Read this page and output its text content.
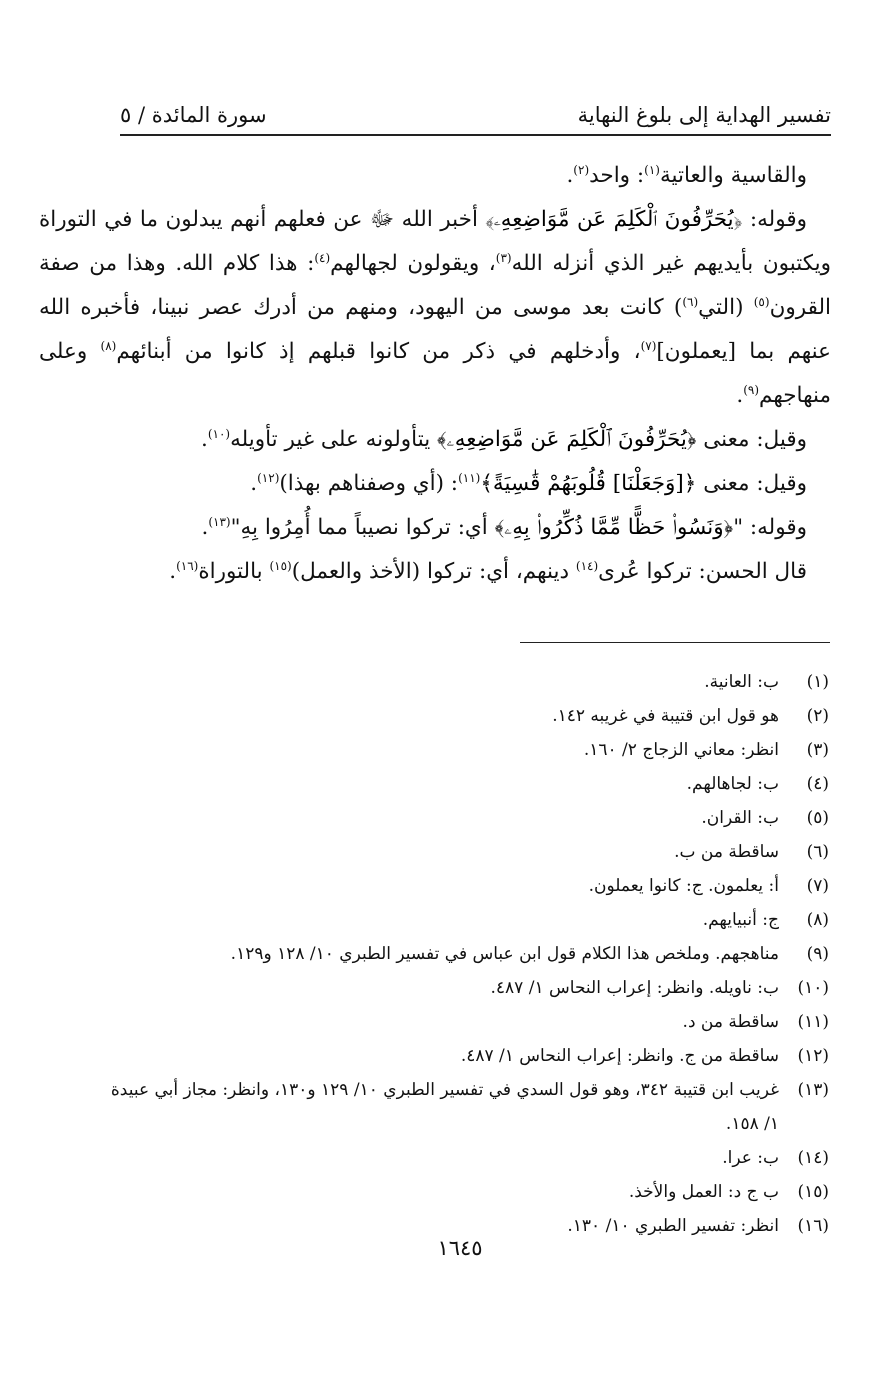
تفسير الهداية إلى بلوغ النهاية
سورة المائدة / ٥

والقاسية والعاتية$^{(١)}$: واحد$^{(٢)}$.

وقوله: ﴿يُحَرِّفُونَ ٱلْكَلِمَ عَن مَّوَاضِعِهِۦ﴾ أخبر الله ﷻ عن فعلهم أنهم يبدلون ما في التوراة ويكتبون بأيديهم غير الذي أنزله الله$^{(٣)}$، ويقولون لجهالهم$^{(٤)}$: هذا كلام الله. وهذا من صفة القرون$^{(٥)}$ (التي$^{(٦)}$) كانت بعد موسى من اليهود، ومنهم من أدرك عصر نبينا، فأخبره الله عنهم بما [يعملون]$^{(٧)}$، وأدخلهم في ذكر من كانوا قبلهم إذ كانوا من أبنائهم$^{(٨)}$ وعلى منهاجهم$^{(٩)}$.

وقيل: معنى ﴿يُحَرِّفُونَ ٱلْكَلِمَ عَن مَّوَاضِعِهِۦ﴾ يتأولونه على غير تأويله$^{(١٠)}$.

وقيل: معنى ﴿[وَجَعَلْنَا] قُلُوبَهُمْ قَٰسِيَةً﴾$^{(١١)}$: (أي وصفناهم بهذا)$^{(١٢)}$.

وقوله: "﴿وَنَسُوا۟ حَظًّا مِّمَّا ذُكِّرُوا۟ بِهِۦ﴾ أي: تركوا نصيباً مما أُمِرُوا بِهِ"$^{(١٣)}$.

قال الحسن: تركوا عُرى$^{(١٤)}$ دينهم، أي: تركوا (الأخذ والعمل)$^{(١٥)}$ بالتوراة$^{(١٦)}$.

(١)
ب: العانية.
(٢)
هو قول ابن قتيبة في غريبه ١٤٢.
(٣)
انظر: معاني الزجاج ٢/ ١٦٠.
(٤)
ب: لجاهالهم.
(٥)
ب: القران.
(٦)
ساقطة من ب.
(٧)
أ: يعلمون. ج: كانوا يعملون.
(٨)
ج: أنبيايهم.
(٩)
مناهجهم. وملخص هذا الكلام قول ابن عباس في تفسير الطبري ١٠/ ١٢٨ و١٢٩.
(١٠)
ب: ناويله. وانظر: إعراب النحاس ١/ ٤٨٧.
(١١)
ساقطة من د.
(١٢)
ساقطة من ج. وانظر: إعراب النحاس ١/ ٤٨٧.
(١٣)
غريب ابن قتيبة ٣٤٢، وهو قول السدي في تفسير الطبري ١٠/ ١٢٩ و١٣٠، وانظر: مجاز أبي عبيدة ١/ ١٥٨.
(١٤)
ب: عرا.
(١٥)
ب ج د: العمل والأخذ.
(١٦)
انظر: تفسير الطبري ١٠/ ١٣٠.
١٦٤٥
